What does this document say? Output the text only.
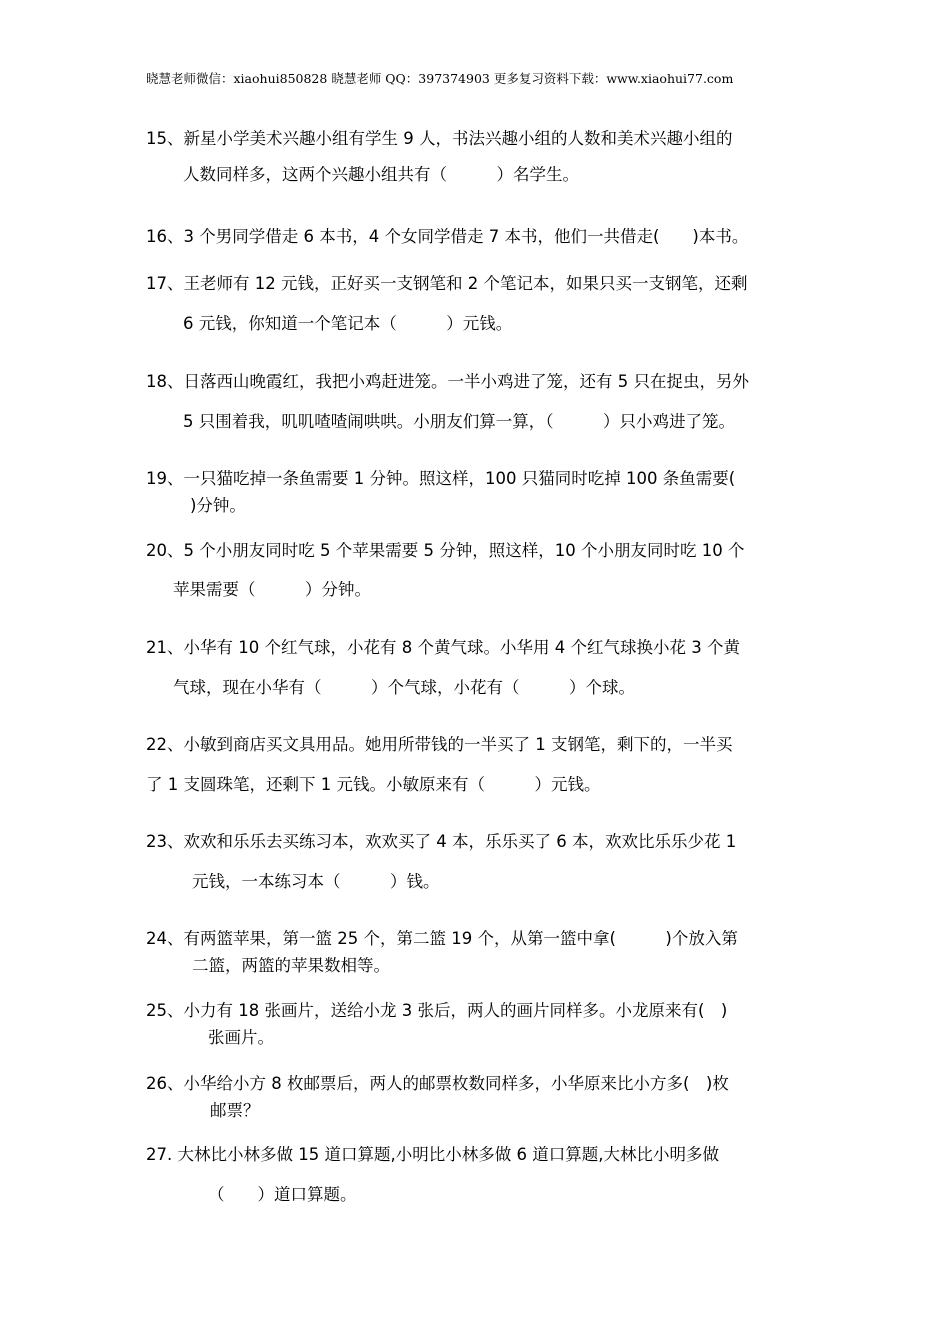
晓慧老师微信：xiaohui850828 晓慧老师 QQ：397374903 更多复习资料下载：www.xiaohui77.com
15、新星小学美术兴趣小组有学生 9 人，书法兴趣小组的人数和美术兴趣小组的
人数同样多，这两个兴趣小组共有（　　　）名学生。
16、3 个男同学借走 6 本书，4 个女同学借走 7 本书，他们一共借走(　　)本书。
17、王老师有 12 元钱，正好买一支钢笔和 2 个笔记本，如果只买一支钢笔，还剩
6 元钱，你知道一个笔记本（　　　）元钱。
18、日落西山晚霞红，我把小鸡赶进笼。一半小鸡进了笼，还有 5 只在捉虫，另外
5 只围着我，叽叽喳喳闹哄哄。小朋友们算一算，（　　　）只小鸡进了笼。
19、一只猫吃掉一条鱼需要 1 分钟。照这样，100 只猫同时吃掉 100 条鱼需要(
)分钟。
20、5 个小朋友同时吃 5 个苹果需要 5 分钟，照这样，10 个小朋友同时吃 10 个
苹果需要（　　　）分钟。
21、小华有 10 个红气球，小花有 8 个黄气球。小华用 4 个红气球换小花 3 个黄
气球，现在小华有（　　　）个气球，小花有（　　　）个球。
22、小敏到商店买文具用品。她用所带钱的一半买了 1 支钢笔，剩下的，一半买
了 1 支圆珠笔，还剩下 1 元钱。小敏原来有（　　　）元钱。
23、欢欢和乐乐去买练习本，欢欢买了 4 本，乐乐买了 6 本，欢欢比乐乐少花 1
元钱，一本练习本（　　　）钱。
24、有两篮苹果，第一篮 25 个，第二篮 19 个，从第一篮中拿(　　　)个放入第
二篮，两篮的苹果数相等。
25、小力有 18 张画片，送给小龙 3 张后，两人的画片同样多。小龙原来有(　)
张画片。
26、小华给小方 8 枚邮票后，两人的邮票枚数同样多，小华原来比小方多(　)枚
邮票？
27. 大林比小林多做 15 道口算题,小明比小林多做 6 道口算题,大林比小明多做
（　　）道口算题。
